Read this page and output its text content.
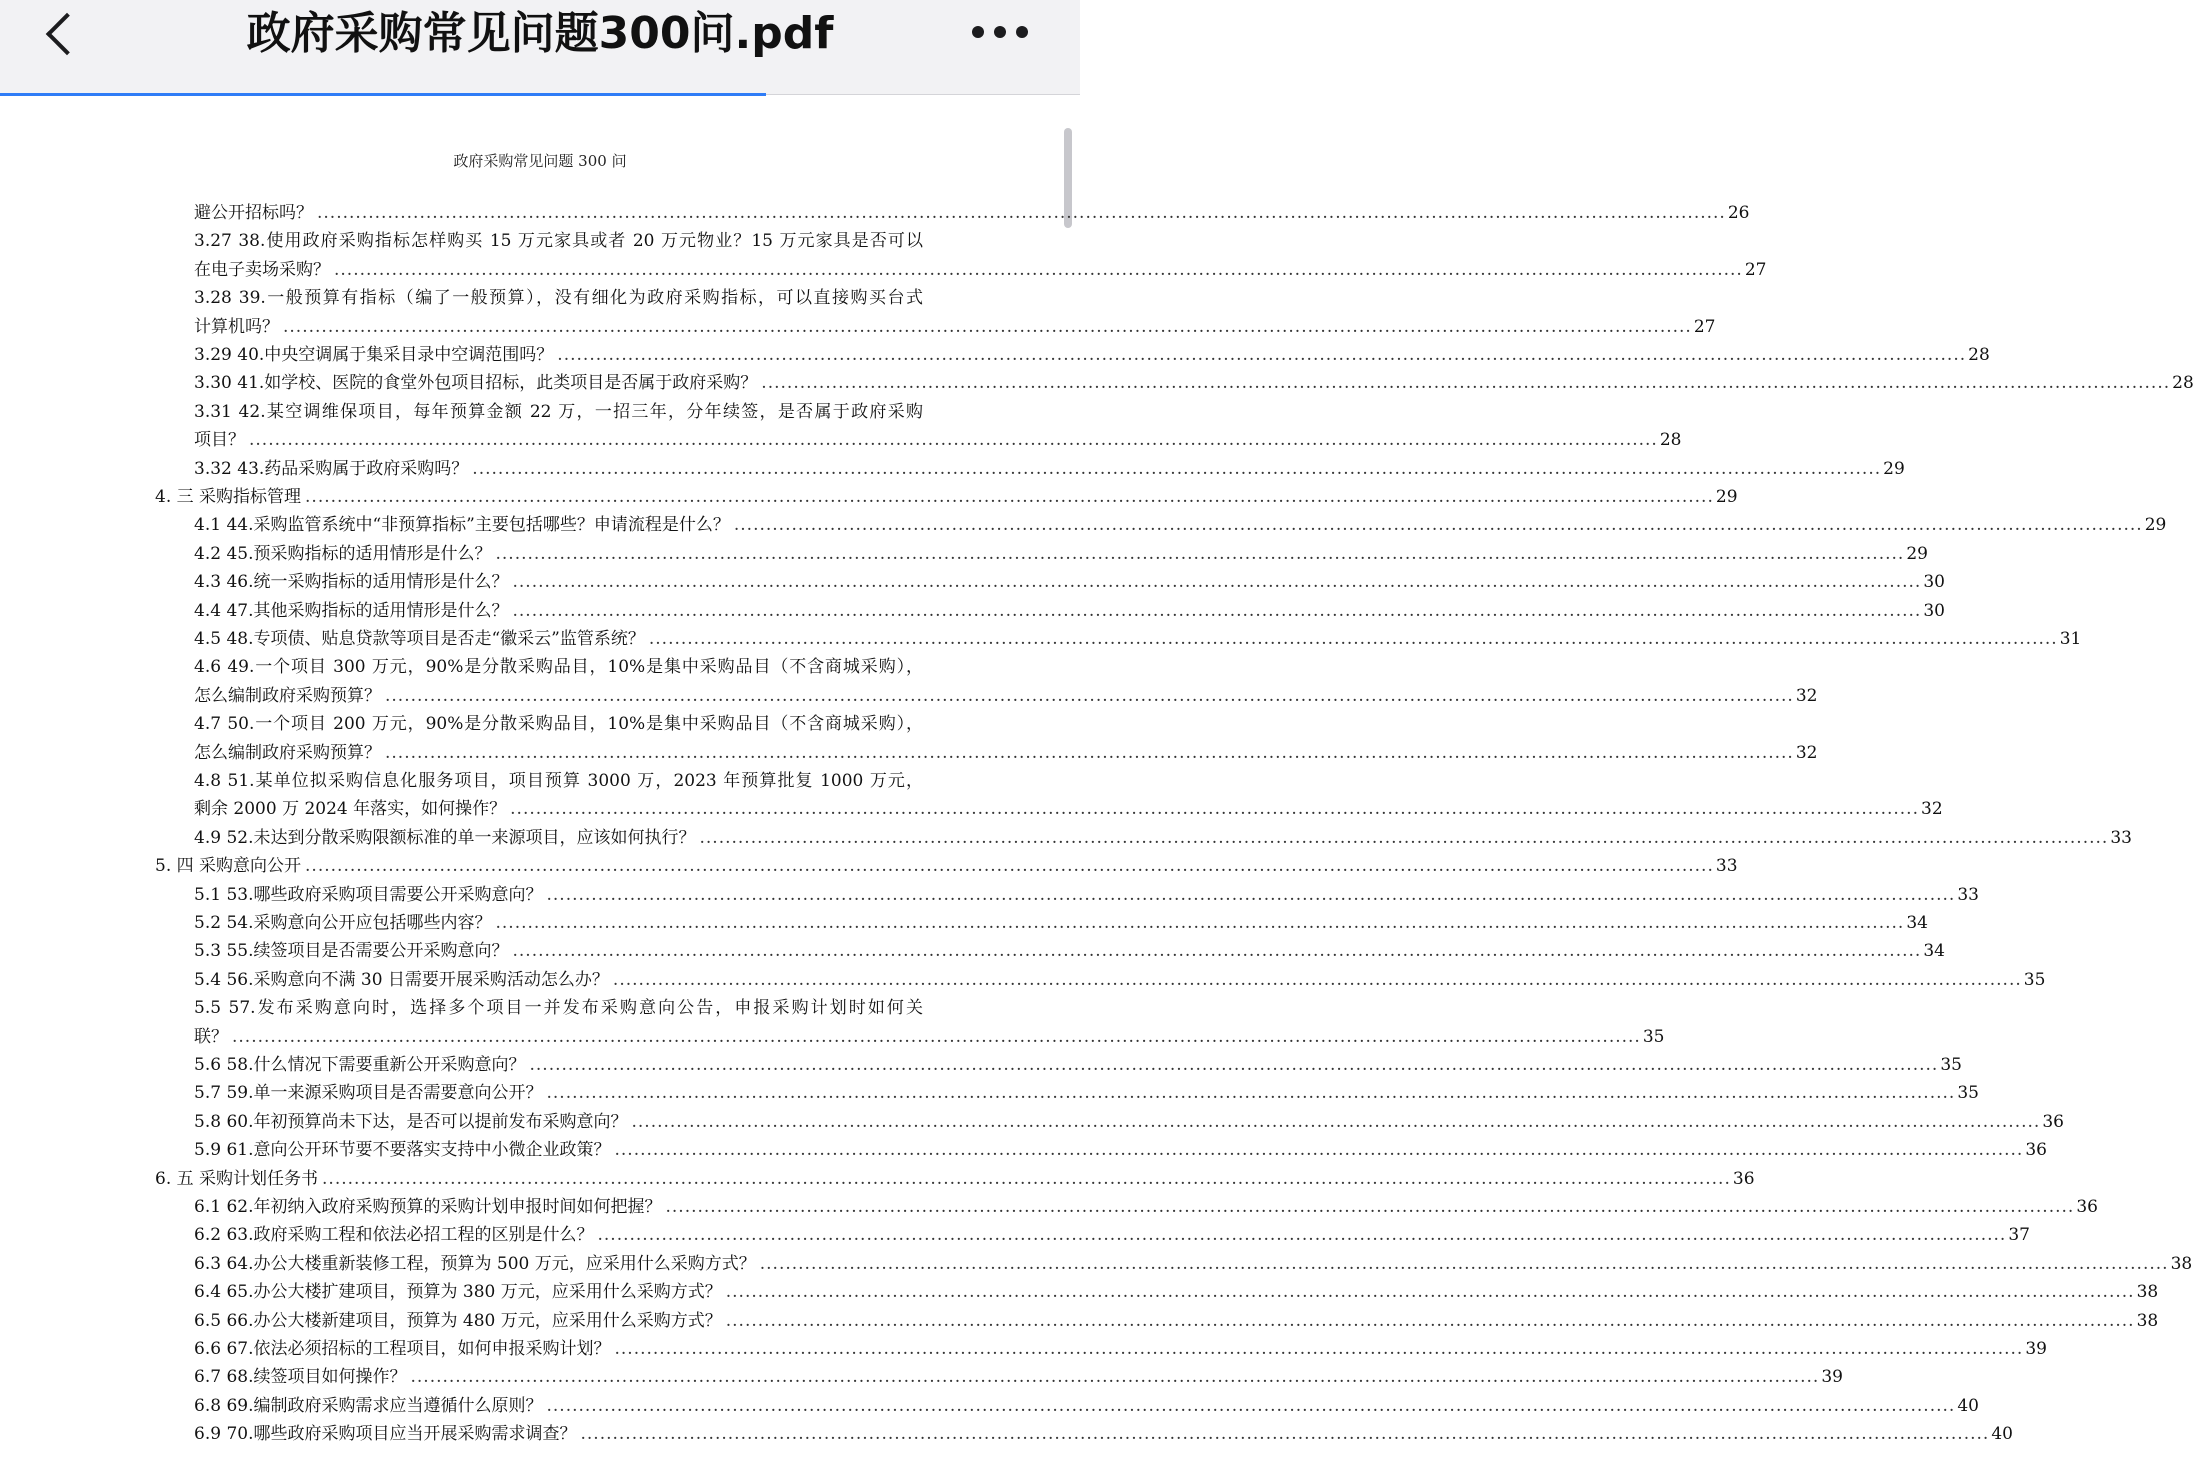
政府采购常见问题300问.pdf
政府采购常见问题 300 问
避公开招标吗？ ............................................................................................................................................................................................................................ 26
3.27 38.使用政府采购指标怎样购买 15 万元家具或者 20 万元物业？15 万元家具是否可以
在电子卖场采购？ ............................................................................................................................................................................................................................ 27
3.28 39.一般预算有指标（编了一般预算），没有细化为政府采购指标，可以直接购买台式
计算机吗？ ............................................................................................................................................................................................................................ 27
3.29 40.中央空调属于集采目录中空调范围吗？ ............................................................................................................................................................................................................................ 28
3.30 41.如学校、医院的食堂外包项目招标，此类项目是否属于政府采购？ ............................................................................................................................................................................................................................ 28
3.31 42.某空调维保项目，每年预算金额 22 万，一招三年，分年续签，是否属于政府采购
项目？ ............................................................................................................................................................................................................................ 28
3.32 43.药品采购属于政府采购吗？ ............................................................................................................................................................................................................................ 29
4. 三 采购指标管理 ............................................................................................................................................................................................................................ 29
4.1 44.采购监管系统中“非预算指标”主要包括哪些？申请流程是什么？ ............................................................................................................................................................................................................................ 29
4.2 45.预采购指标的适用情形是什么？ ............................................................................................................................................................................................................................ 29
4.3 46.统一采购指标的适用情形是什么？ ............................................................................................................................................................................................................................ 30
4.4 47.其他采购指标的适用情形是什么？ ............................................................................................................................................................................................................................ 30
4.5 48.专项债、贴息贷款等项目是否走“徽采云”监管系统？ ............................................................................................................................................................................................................................ 31
4.6 49.一个项目 300 万元，90%是分散采购品目，10%是集中采购品目（不含商城采购），
怎么编制政府采购预算？ ............................................................................................................................................................................................................................ 32
4.7 50.一个项目 200 万元，90%是分散采购品目，10%是集中采购品目（不含商城采购），
怎么编制政府采购预算？ ............................................................................................................................................................................................................................ 32
4.8 51.某单位拟采购信息化服务项目，项目预算 3000 万，2023 年预算批复 1000 万元，
剩余 2000 万 2024 年落实，如何操作？ ............................................................................................................................................................................................................................ 32
4.9 52.未达到分散采购限额标准的单一来源项目，应该如何执行？ ............................................................................................................................................................................................................................ 33
5. 四 采购意向公开 ............................................................................................................................................................................................................................ 33
5.1 53.哪些政府采购项目需要公开采购意向？ ............................................................................................................................................................................................................................ 33
5.2 54.采购意向公开应包括哪些内容？ ............................................................................................................................................................................................................................ 34
5.3 55.续签项目是否需要公开采购意向？ ............................................................................................................................................................................................................................ 34
5.4 56.采购意向不满 30 日需要开展采购活动怎么办？ ............................................................................................................................................................................................................................ 35
5.5 57.发布采购意向时，选择多个项目一并发布采购意向公告，申报采购计划时如何关
联？ ............................................................................................................................................................................................................................ 35
5.6 58.什么情况下需要重新公开采购意向？ ............................................................................................................................................................................................................................ 35
5.7 59.单一来源采购项目是否需要意向公开？ ............................................................................................................................................................................................................................ 35
5.8 60.年初预算尚未下达，是否可以提前发布采购意向？ ............................................................................................................................................................................................................................ 36
5.9 61.意向公开环节要不要落实支持中小微企业政策？ ............................................................................................................................................................................................................................ 36
6. 五 采购计划任务书 ............................................................................................................................................................................................................................ 36
6.1 62.年初纳入政府采购预算的采购计划申报时间如何把握？ ............................................................................................................................................................................................................................ 36
6.2 63.政府采购工程和依法必招工程的区别是什么？ ............................................................................................................................................................................................................................ 37
6.3 64.办公大楼重新装修工程，预算为 500 万元，应采用什么采购方式？ ............................................................................................................................................................................................................................ 38
6.4 65.办公大楼扩建项目，预算为 380 万元，应采用什么采购方式？ ............................................................................................................................................................................................................................ 38
6.5 66.办公大楼新建项目，预算为 480 万元，应采用什么采购方式？ ............................................................................................................................................................................................................................ 38
6.6 67.依法必须招标的工程项目，如何申报采购计划？ ............................................................................................................................................................................................................................ 39
6.7 68.续签项目如何操作？ ............................................................................................................................................................................................................................ 39
6.8 69.编制政府采购需求应当遵循什么原则？ ............................................................................................................................................................................................................................ 40
6.9 70.哪些政府采购项目应当开展采购需求调查？ ............................................................................................................................................................................................................................ 40
